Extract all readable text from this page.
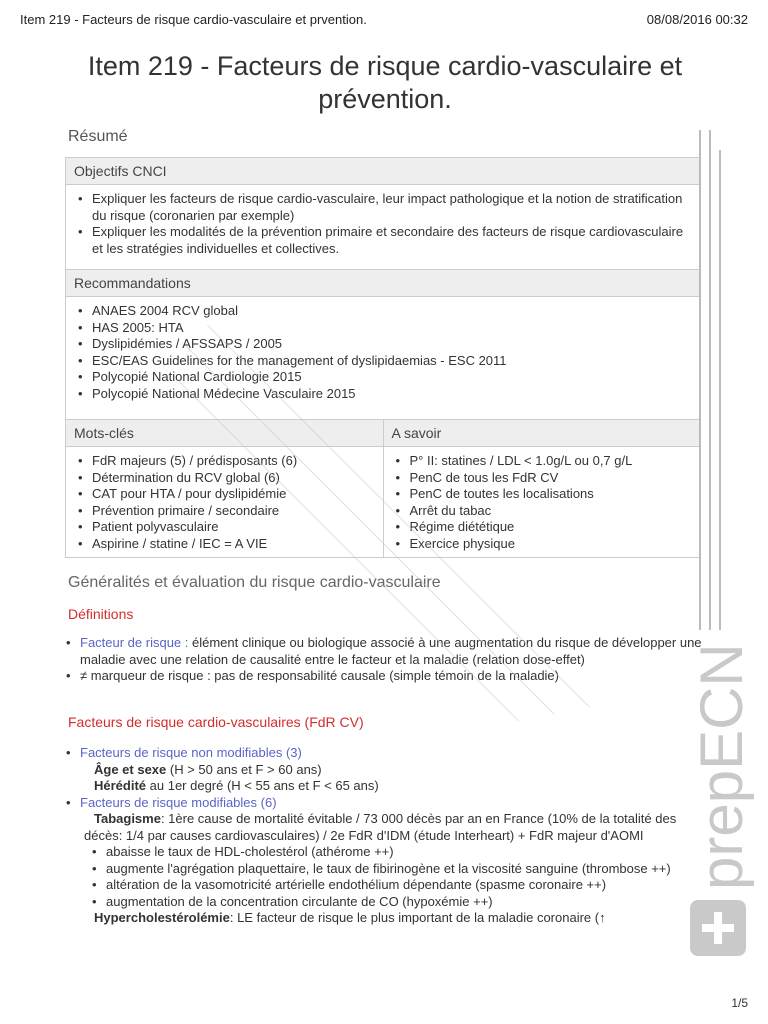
Item 219 - Facteurs de risque cardio-vasculaire et prvention.	08/08/2016 00:32
Item 219 - Facteurs de risque cardio-vasculaire et
prévention.
Résumé
Objectifs CNCI
• Expliquer les facteurs de risque cardio-vasculaire, leur impact pathologique et la notion de stratification du risque (coronarien par exemple)
• Expliquer les modalités de la prévention primaire et secondaire des facteurs de risque cardiovasculaire et les stratégies individuelles et collectives.
Recommandations
• ANAES 2004 RCV global
• HAS 2005: HTA
• Dyslipidémies / AFSSAPS / 2005
• ESC/EAS Guidelines for the management of dyslipidaemias - ESC 2011
• Polycopié National Cardiologie 2015
• Polycopié National Médecine Vasculaire 2015
Mots-clés
• FdR majeurs (5) / prédisposants (6)
• Détermination du RCV global (6)
• CAT pour HTA / pour dyslipidémie
• Prévention primaire / secondaire
• Patient polyvasculaire
• Aspirine / statine / IEC = A VIE
A savoir
• P° II: statines / LDL < 1.0g/L ou 0,7 g/L
• PenC de tous les FdR CV
• PenC de toutes les localisations
• Arrêt du tabac
• Régime diététique
• Exercice physique
Généralités et évaluation du risque cardio-vasculaire
Définitions
• Facteur de risque : élément clinique ou biologique associé à une augmentation du risque de développer une maladie avec une relation de causalité entre le facteur et la maladie (relation dose-effet)
• ≠ marqueur de risque : pas de responsabilité causale (simple témoin de la maladie)
Facteurs de risque cardio-vasculaires (FdR CV)
• Facteurs de risque non modifiables (3)
Âge et sexe (H > 50 ans et F > 60 ans)
Hérédité au 1er degré (H < 55 ans et F < 65 ans)
• Facteurs de risque modifiables (6)
Tabagisme: 1ère cause de mortalité évitable / 73 000 décès par an en France (10% de la totalité des décès: 1/4 par causes cardiovasculaires) / 2e FdR d'IDM (étude Interheart) + FdR majeur d'AOMI
• abaisse le taux de HDL-cholestérol (athérome ++)
• augmente l'agrégation plaquettaire, le taux de fibirinogène et la viscosité sanguine (thrombose ++)
• altération de la vasomotricité artérielle endothélium dépendante (spasme coronaire ++)
• augmentation de la concentration circulante de CO (hypoxémie ++)
Hypercholestérolémie: LE facteur de risque le plus important de la maladie coronaire (↑
prepECN
1/5
